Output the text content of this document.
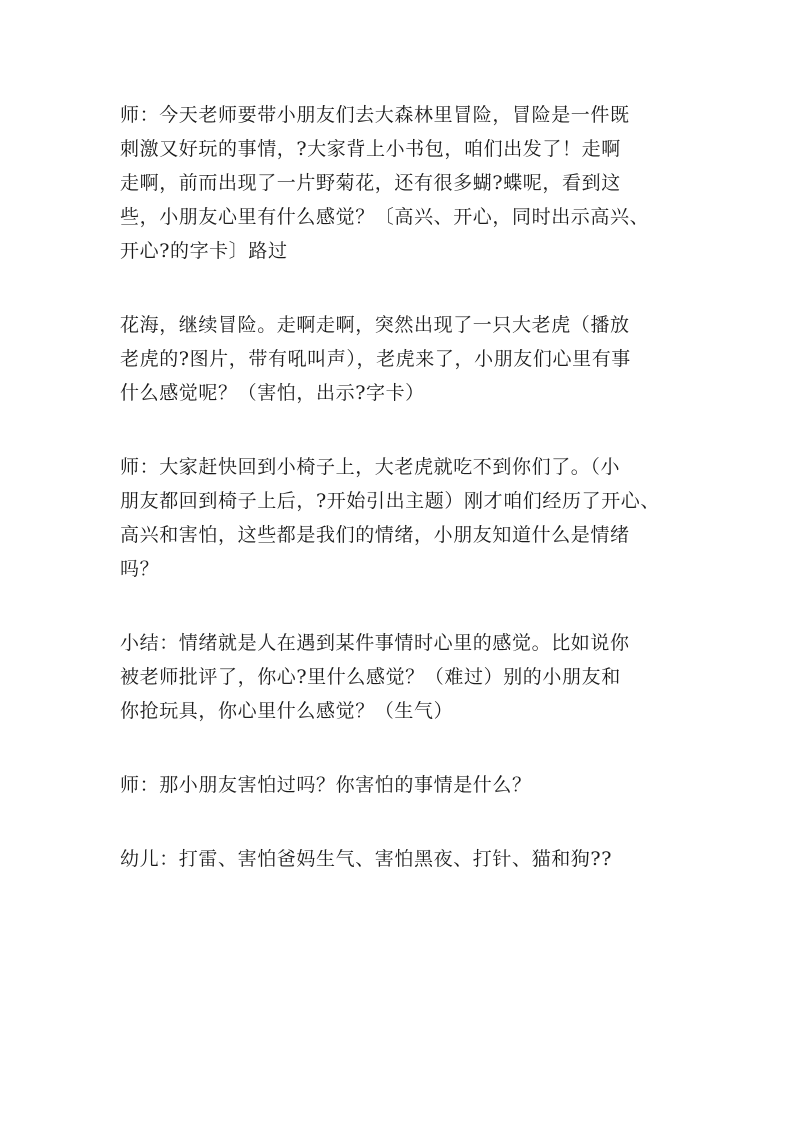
师：今天老师要带小朋友们去大森林里冒险，冒险是一件既
刺激又好玩的事情，?大家背上小书包，咱们出发了！走啊
走啊，前而出现了一片野菊花，还有很多蝴?蝶呢，看到这
些，小朋友心里有什么感觉？〔高兴、开心，同时出示高兴、
开心?的字卡〕路过

花海，继续冒险。走啊走啊，突然出现了一只大老虎（播放
老虎的?图片，带有吼叫声），老虎来了，小朋友们心里有事
什么感觉呢？（害怕，出示?字卡）

师：大家赶快回到小椅子上，大老虎就吃不到你们了。（小
朋友都回到椅子上后，?开始引出主题）刚才咱们经历了开心、
高兴和害怕，这些都是我们的情绪，小朋友知道什么是情绪
吗？

小结：情绪就是人在遇到某件事情时心里的感觉。比如说你
被老师批评了，你心?里什么感觉？（难过）别的小朋友和
你抢玩具，你心里什么感觉？（生气）

师：那小朋友害怕过吗？你害怕的事情是什么？

幼儿：打雷、害怕爸妈生气、害怕黑夜、打针、猫和狗??
